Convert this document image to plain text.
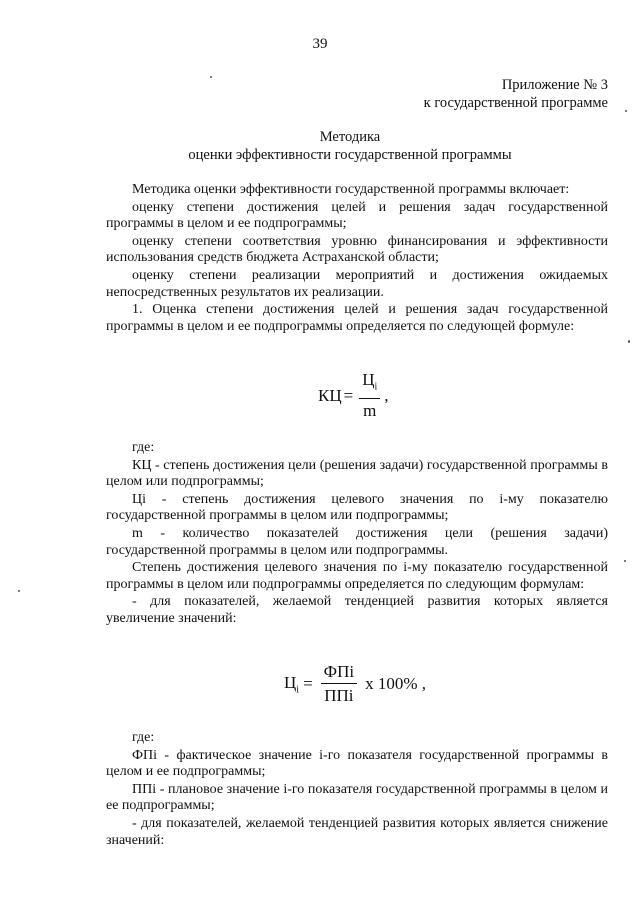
39
Приложение № 3
к государственной программе
Методика
оценки эффективности государственной программы

Методика оценки эффективности государственной программы включает:

оценку степени достижения целей и решения задач государственной программы в целом и ее подпрограммы;

оценку степени соответствия уровню финансирования и эффективности использования средств бюджета Астраханской области;

оценку степени реализации мероприятий и достижения ожидаемых непосредственных результатов их реализации.

1. Оценка степени достижения целей и решения задач государственной программы в целом и ее подпрограммы определяется по следующей формуле:

КЦ = $\frac{Ц_i}{m}$ ,

где:

КЦ - степень достижения цели (решения задачи) государственной программы в целом или подпрограммы;

Цi - степень достижения целевого значения по i-му показателю государственной программы в целом или подпрограммы;

m - количество показателей достижения цели (решения задачи) государственной программы в целом или подпрограммы.

Степень достижения целевого значения по i-му показателю государственной программы в целом или подпрограммы определяется по следующим формулам:

- для показателей, желаемой тенденцией развития которых является увеличение значений:

$Ц_i = \frac{\text{ФПi}}{\text{ППi}}$ х 100% ,

где:

ФПi - фактическое значение i-го показателя государственной программы в целом и ее подпрограммы;

ППi - плановое значение i-го показателя государственной программы в целом и ее подпрограммы;

- для показателей, желаемой тенденцией развития которых является снижение значений:
